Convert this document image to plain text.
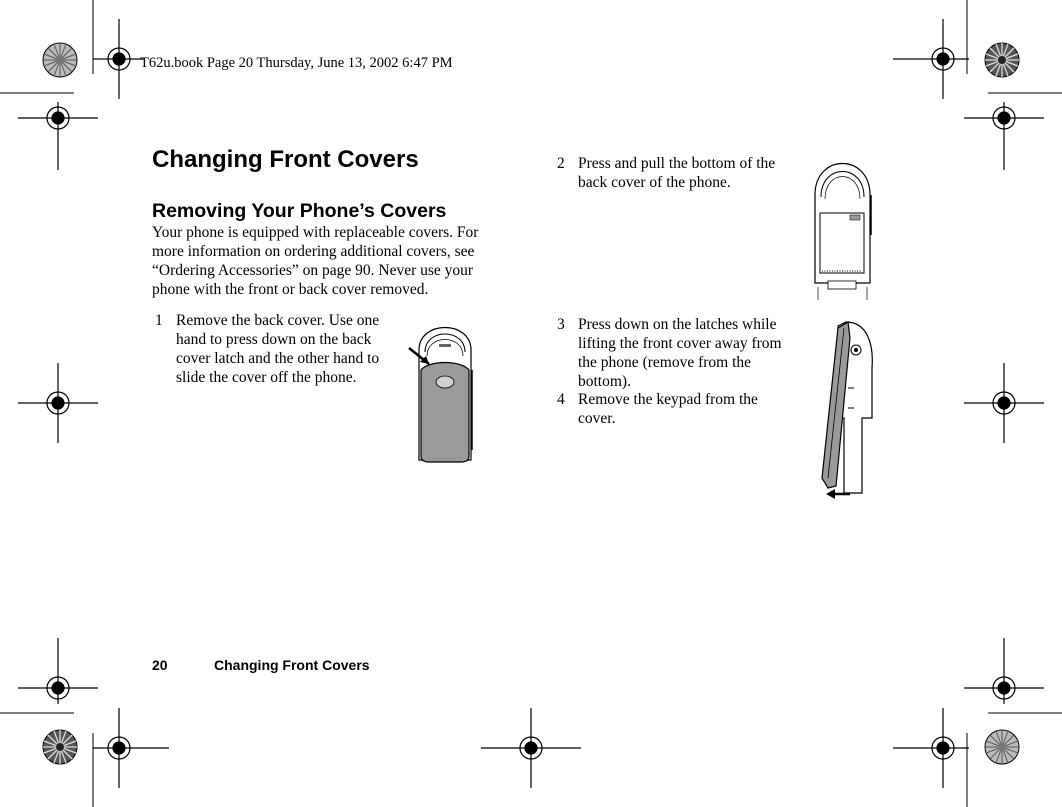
T62u.book Page 20 Thursday, June 13, 2002 6:47 PM
Changing Front Covers
Removing Your Phone’s Covers
Your phone is equipped with replaceable covers. For more information on ordering additional covers, see “Ordering Accessories” on page 90. Never use your phone with the front or back cover removed.
1 Remove the back cover. Use one hand to press down on the back cover latch and the other hand to slide the cover off the phone.
2 Press and pull the bottom of the back cover of the phone.
3 Press down on the latches while lifting the front cover away from the phone (remove from the bottom).
4 Remove the keypad from the cover.
20	Changing Front Covers
